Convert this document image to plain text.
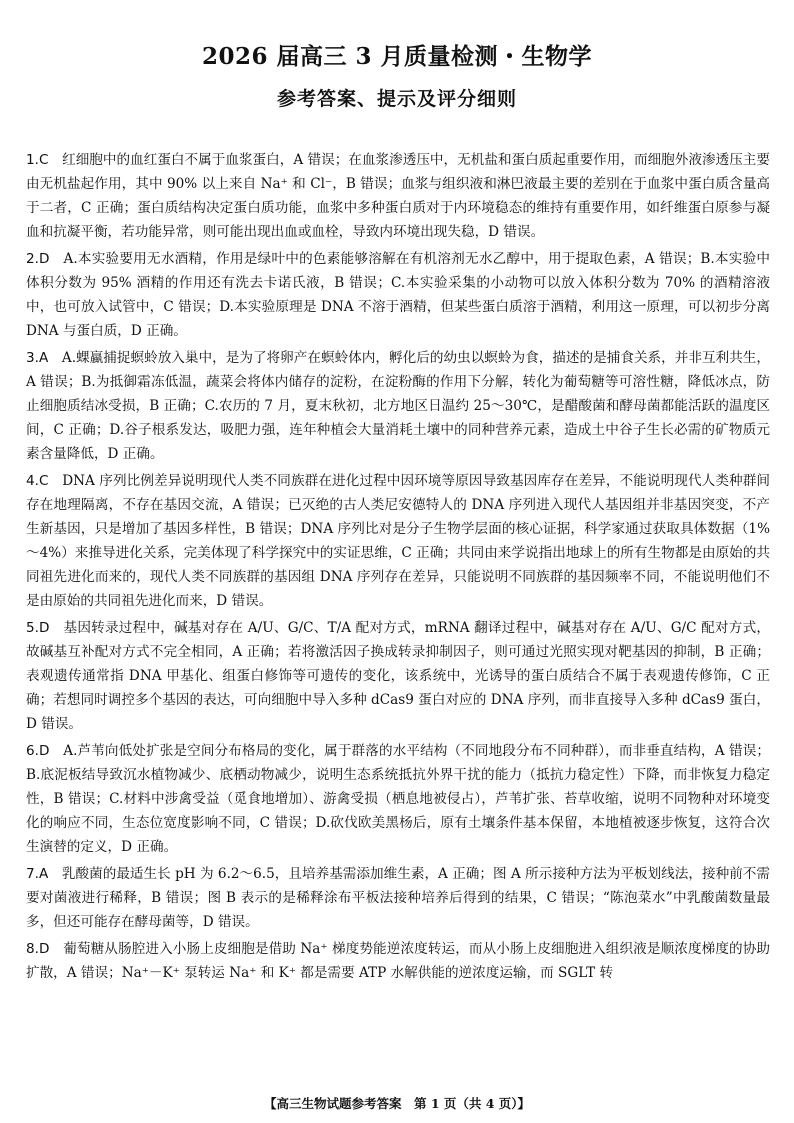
2026 届高三 3 月质量检测・生物学
参考答案、提示及评分细则

1.C　 红细胞中的血红蛋白不属于血浆蛋白，A 错误；在血浆渗透压中，无机盐和蛋白质起重要作用，而细胞外液渗透压主要由无机盐起作用，其中 90% 以上来自 Na⁺ 和 Cl⁻，B 错误；血浆与组织液和淋巴液最主要的差别在于血浆中蛋白质含量高于二者，C 正确；蛋白质结构决定蛋白质功能，血浆中多种蛋白质对于内环境稳态的维持有重要作用，如纤维蛋白原参与凝血和抗凝平衡，若功能异常，则可能出现出血或血栓，导致内环境出现失稳，D 错误。

2.D　 A.本实验要用无水酒精，作用是绿叶中的色素能够溶解在有机溶剂无水乙醇中，用于提取色素，A 错误；B.本实验中体积分数为 95% 酒精的作用还有洗去卡诺氏液，B 错误；C.本实验采集的小动物可以放入体积分数为 70% 的酒精溶液中，也可放入试管中，C 错误；D.本实验原理是 DNA 不溶于酒精，但某些蛋白质溶于酒精，利用这一原理，可以初步分离 DNA 与蛋白质，D 正确。

3.A　 A.蜾蠃捕捉螟蛉放入巢中，是为了将卵产在螟蛉体内，孵化后的幼虫以螟蛉为食，描述的是捕食关系，并非互利共生，A 错误；B.为抵御霜冻低温，蔬菜会将体内储存的淀粉，在淀粉酶的作用下分解，转化为葡萄糖等可溶性糖，降低冰点，防止细胞质结冰受损，B 正确；C.农历的 7 月，夏末秋初，北方地区日温约 25～30℃，是醋酸菌和酵母菌都能活跃的温度区间，C 正确；D.谷子根系发达，吸肥力强，连年种植会大量消耗土壤中的同种营养元素，造成土中谷子生长必需的矿物质元素含量降低，D 正确。

4.C　 DNA 序列比例差异说明现代人类不同族群在进化过程中因环境等原因导致基因库存在差异，不能说明现代人类种群间存在地理隔离，不存在基因交流，A 错误；已灭绝的古人类尼安德特人的 DNA 序列进入现代人基因组并非基因突变，不产生新基因，只是增加了基因多样性，B 错误；DNA 序列比对是分子生物学层面的核心证据，科学家通过获取具体数据（1%～4%）来推导进化关系，完美体现了科学探究中的实证思维，C 正确；共同由来学说指出地球上的所有生物都是由原始的共同祖先进化而来的，现代人类不同族群的基因组 DNA 序列存在差异，只能说明不同族群的基因频率不同，不能说明他们不是由原始的共同祖先进化而来，D 错误。

5.D　 基因转录过程中，碱基对存在 A/U、G/C、T/A 配对方式，mRNA 翻译过程中，碱基对存在 A/U、G/C 配对方式，故碱基互补配对方式不完全相同，A 正确；若将激活因子换成转录抑制因子，则可通过光照实现对靶基因的抑制，B 正确；表观遗传通常指 DNA 甲基化、组蛋白修饰等可遗传的变化，该系统中，光诱导的蛋白质结合不属于表观遗传修饰，C 正确；若想同时调控多个基因的表达，可向细胞中导入多种 dCas9 蛋白对应的 DNA 序列，而非直接导入多种 dCas9 蛋白，D 错误。

6.D　 A.芦苇向低处扩张是空间分布格局的变化，属于群落的水平结构（不同地段分布不同种群），而非垂直结构，A 错误；B.底泥板结导致沉水植物减少、底栖动物减少，说明生态系统抵抗外界干扰的能力（抵抗力稳定性）下降，而非恢复力稳定性，B 错误；C.材料中涉禽受益（觅食地增加）、游禽受损（栖息地被侵占），芦苇扩张、苔草收缩，说明不同物种对环境变化的响应不同，生态位宽度影响不同，C 错误；D.砍伐欧美黑杨后，原有土壤条件基本保留，本地植被逐步恢复，这符合次生演替的定义，D 正确。

7.A　 乳酸菌的最适生长 pH 为 6.2～6.5，且培养基需添加维生素，A 正确；图 A 所示接种方法为平板划线法，接种前不需要对菌液进行稀释，B 错误；图 B 表示的是稀释涂布平板法接种培养后得到的结果，C 错误；“陈泡菜水”中乳酸菌数量最多，但还可能存在酵母菌等，D 错误。

8.D　 葡萄糖从肠腔进入小肠上皮细胞是借助 Na⁺ 梯度势能逆浓度转运，而从小肠上皮细胞进入组织液是顺浓度梯度的协助扩散，A 错误；Na⁺－K⁺ 泵转运 Na⁺ 和 K⁺ 都是需要 ATP 水解供能的逆浓度运输，而 SGLT 转

【高三生物试题参考答案　第 1 页（共 4 页）】
